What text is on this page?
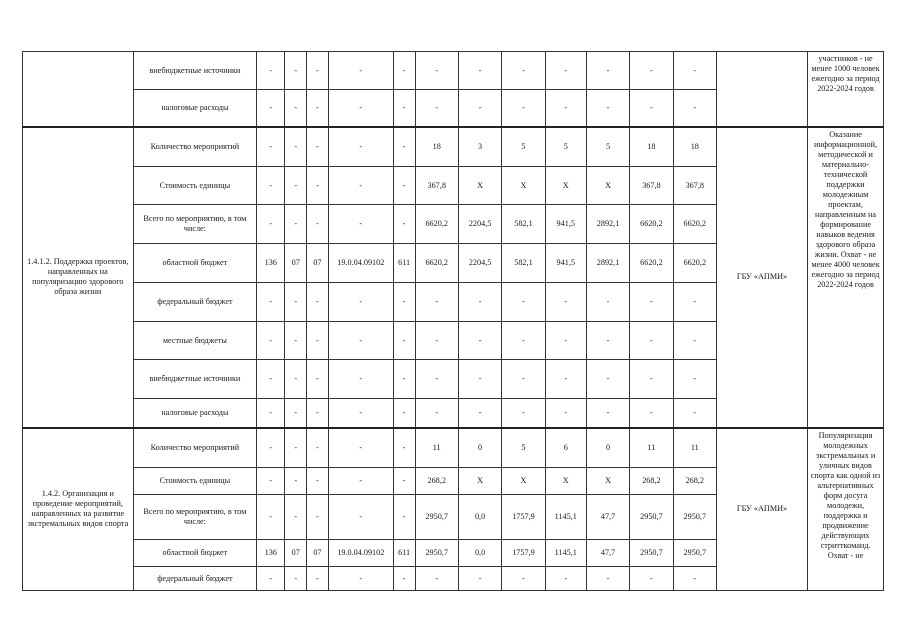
	внебюджетные источники	-	-	-	-	-	-	-	-	-	-	-	-		участников - не менее 1000 человек ежегодно за период 2022-2024 годов
	налоговые расходы	-	-	-	-	-	-	-	-	-	-	-	-		
1.4.1.2. Поддержка проектов, направленных на популяризацию здорового образа жизни	Количество мероприятий	-	-	-	-	-	18	3	5	5	5	18	18	ГБУ «АПМИ»	Оказание информационной, методической и материально-технической поддержки молодежным проектам, направленным на формирование навыков ведения здорового образа жизни. Охват - не менее 4000 человек ежегодно за период 2022-2024 годов
	Стоимость единицы	-	-	-	-	-	367,8	X	X	X	X	367,8	367,8		
	Всего по мероприятию, в том числе:	-	-	-	-	-	6620,2	2204,5	582,1	941,5	2892,1	6620,2	6620,2		
	областной бюджет	136	07	07	19.0.04.09102	611	6620,2	2204,5	582,1	941,5	2892,1	6620,2	6620,2		
	федеральный бюджет	-	-	-	-	-	-	-	-	-	-	-	-		
	местные бюджеты	-	-	-	-	-	-	-	-	-	-	-	-		
	внебюджетные источники	-	-	-	-	-	-	-	-	-	-	-	-		
	налоговые расходы	-	-	-	-	-	-	-	-	-	-	-	-		
1.4.2. Организация и проведение мероприятий, направленных на развитие экстремальных видов спорта	Количество мероприятий	-	-	-	-	-	11	0	5	6	0	11	11	ГБУ «АПМИ»	Популяризация молодежных экстремальных и уличных видов спорта как одной из альтернативных форм досуга молодежи, поддержка и продвижение действующих стритткоманд. Охват - не
	Стоимость единицы	-	-	-	-	-	268,2	X	X	X	X	268,2	268,2		
	Всего по мероприятию, в том числе:	-	-	-	-	-	2950,7	0,0	1757,9	1145,1	47,7	2950,7	2950,7		
	областной бюджет	136	07	07	19.0.04.09102	611	2950,7	0,0	1757,9	1145,1	47,7	2950,7	2950,7		
	федеральный бюджет	-	-	-	-	-	-	-	-	-	-	-	-		
